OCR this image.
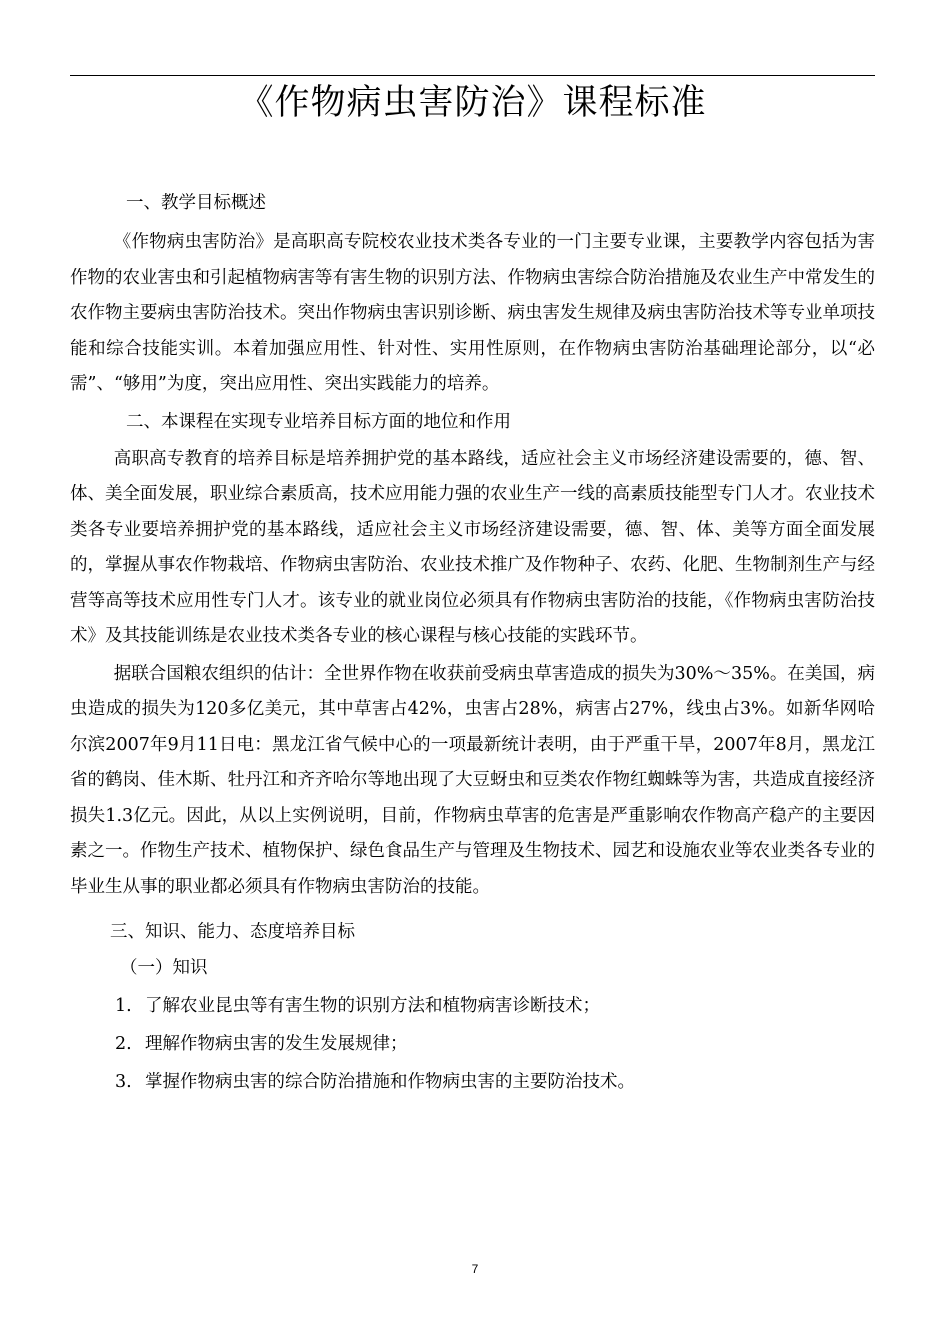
《作物病虫害防治》课程标准
一、教学目标概述

《作物病虫害防治》是高职高专院校农业技术类各专业的一门主要专业课，主要教学内容包括为害作物的农业害虫和引起植物病害等有害生物的识别方法、作物病虫害综合防治措施及农业生产中常发生的农作物主要病虫害防治技术。突出作物病虫害识别诊断、病虫害发生规律及病虫害防治技术等专业单项技能和综合技能实训。本着加强应用性、针对性、实用性原则，在作物病虫害防治基础理论部分，以“必需”、“够用”为度，突出应用性、突出实践能力的培养。

二、本课程在实现专业培养目标方面的地位和作用

高职高专教育的培养目标是培养拥护党的基本路线，适应社会主义市场经济建设需要的，德、智、体、美全面发展，职业综合素质高，技术应用能力强的农业生产一线的高素质技能型专门人才。农业技术类各专业要培养拥护党的基本路线，适应社会主义市场经济建设需要，德、智、体、美等方面全面发展的，掌握从事农作物栽培、作物病虫害防治、农业技术推广及作物种子、农药、化肥、生物制剂生产与经营等高等技术应用性专门人才。该专业的就业岗位必须具有作物病虫害防治的技能，《作物病虫害防治技术》及其技能训练是农业技术类各专业的核心课程与核心技能的实践环节。

据联合国粮农组织的估计：全世界作物在收获前受病虫草害造成的损失为30%～35%。在美国，病虫造成的损失为120多亿美元，其中草害占42%，虫害占28%，病害占27%，线虫占3%。如新华网哈尔滨2007年9月11日电：黑龙江省气候中心的一项最新统计表明，由于严重干旱，2007年8月，黑龙江省的鹤岗、佳木斯、牡丹江和齐齐哈尔等地出现了大豆蚜虫和豆类农作物红蜘蛛等为害，共造成直接经济损失1.3亿元。因此，从以上实例说明，目前，作物病虫草害的危害是严重影响农作物高产稳产的主要因素之一。作物生产技术、植物保护、绿色食品生产与管理及生物技术、园艺和设施农业等农业类各专业的毕业生从事的职业都必须具有作物病虫害防治的技能。

三、知识、能力、态度培养目标
（一）知识
1. 了解农业昆虫等有害生物的识别方法和植物病害诊断技术；
2. 理解作物病虫害的发生发展规律；
3. 掌握作物病虫害的综合防治措施和作物病虫害的主要防治技术。
7
